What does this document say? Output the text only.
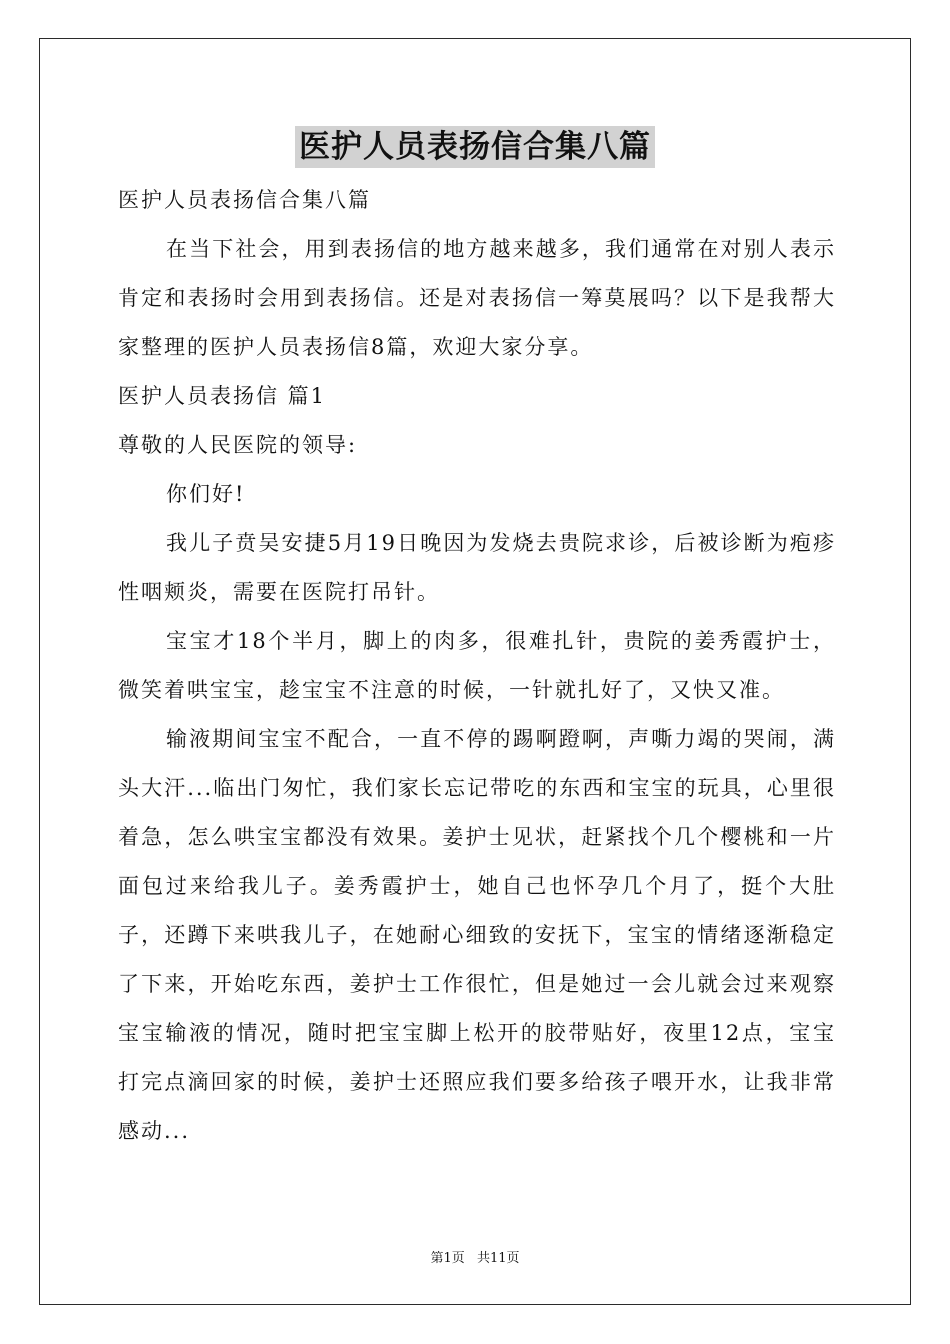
医护人员表扬信合集八篇

医护人员表扬信合集八篇

在当下社会，用到表扬信的地方越来越多，我们通常在对别人表示肯定和表扬时会用到表扬信。还是对表扬信一筹莫展吗？以下是我帮大家整理的医护人员表扬信8篇，欢迎大家分享。

医护人员表扬信 篇1

尊敬的人民医院的领导:

你们好!

我儿子贲吴安捷5月19日晚因为发烧去贵院求诊，后被诊断为疱疹性咽颊炎，需要在医院打吊针。

宝宝才18个半月，脚上的肉多，很难扎针，贵院的姜秀霞护士，微笑着哄宝宝，趁宝宝不注意的时候，一针就扎好了，又快又准。

输液期间宝宝不配合，一直不停的踢啊蹬啊，声嘶力竭的哭闹，满头大汗...临出门匆忙，我们家长忘记带吃的东西和宝宝的玩具，心里很着急，怎么哄宝宝都没有效果。姜护士见状，赶紧找个几个樱桃和一片面包过来给我儿子。姜秀霞护士，她自己也怀孕几个月了，挺个大肚子，还蹲下来哄我儿子，在她耐心细致的安抚下，宝宝的情绪逐渐稳定了下来，开始吃东西，姜护士工作很忙，但是她过一会儿就会过来观察宝宝输液的情况，随时把宝宝脚上松开的胶带贴好，夜里12点，宝宝打完点滴回家的时候，姜护士还照应我们要多给孩子喂开水，让我非常感动...

第1页 共11页
